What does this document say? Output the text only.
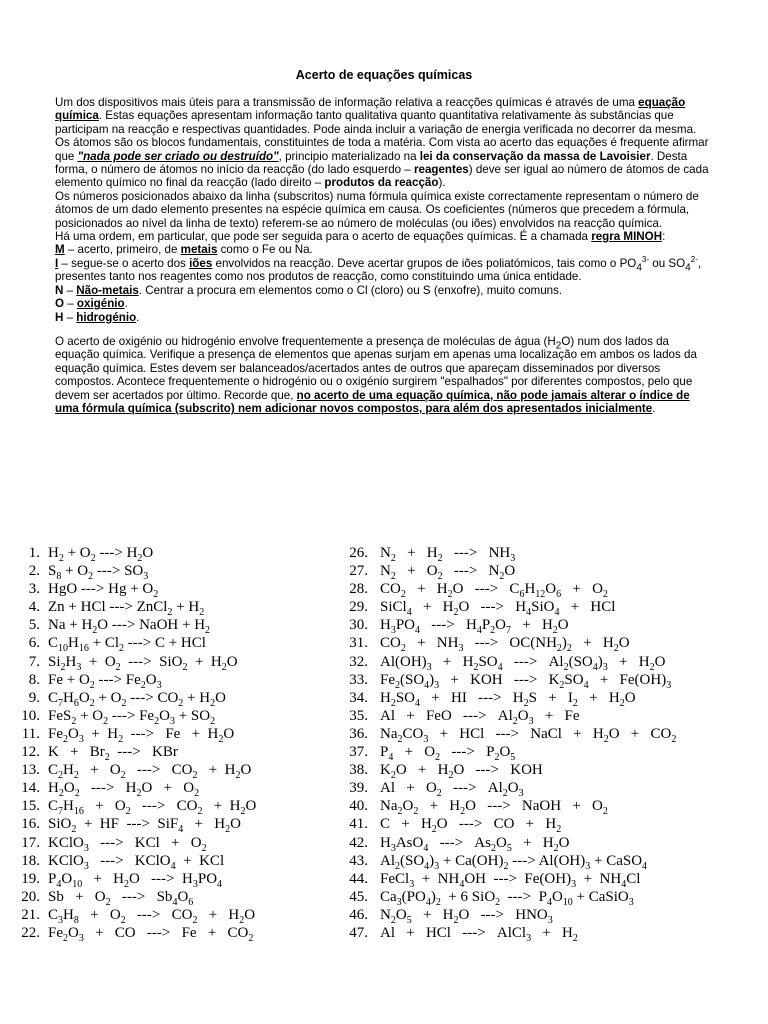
Acerto de equações químicas

Um dos dispositivos mais úteis para a transmissão de informação relativa a reacções químicas é através de uma equação química. Estas equações apresentam informação tanto qualitativa quanto quantitativa relativamente às substâncias que participam na reacção e respectivas quantidades. Pode ainda incluir a variação de energia verificada no decorrer da mesma.

Os átomos são os blocos fundamentais, constituintes de toda a matéria. Com vista ao acerto das equações é frequente afirmar que "nada pode ser criado ou destruído", principio materializado na lei da conservação da massa de Lavoisier. Desta forma, o número de átomos no início da reacção (do lado esquerdo – reagentes) deve ser igual ao número de átomos de cada elemento químico no final da reacção (lado direito – produtos da reacção).

Os números posicionados abaixo da linha (subscritos) numa fórmula química existe correctamente representam o número de átomos de um dado elemento presentes na espécie química em causa. Os coeficientes (números que precedem a fórmula, posicionados ao nível da linha de texto) referem-se ao número de moléculas (ou iões) envolvidos na reacção química.

Há uma ordem, em particular, que pode ser seguida para o acerto de equações químicas. É a chamada regra MINOH:

M – acerto, primeiro, de metais como o Fe ou Na.

I – segue-se o acerto dos iões envolvidos na reacção. Deve acertar grupos de iões poliatómicos, tais como o $PO_4^{3-}$ ou $SO_4^{2-}$, presentes tanto nos reagentes como nos produtos de reacção, como constituindo uma única entidade.

N – Não-metais. Centrar a procura em elementos como o Cl (cloro) ou S (enxofre), muito comuns.

O – oxigénio.

H – hidrogénio.

O acerto de oxigénio ou hidrogénio envolve frequentemente a presença de moléculas de água $(H_2O)$ num dos lados da equação química. Verifique a presença de elementos que apenas surjam em apenas uma localização em ambos os lados da equação química. Estes devem ser balanceados/acertados antes de outros que apareçam disseminados por diversos compostos. Acontece frequentemente o hidrogénio ou o oxigénio surgirem "espalhados" por diferentes compostos, pelo que devem ser acertados por último. Recorde que, no acerto de uma equação química, não pode jamais alterar o índice de uma fórmula química (subscrito) nem adicionar novos compostos, para além dos apresentados inicialmente.

1. $H_2 + O_2$ ---> $H_2O$
2. $S_8 + O_2$ ---> $SO_3$
3. HgO ---> $Hg + O_2$
4. Zn + HCl ---> ZnCl$_2$ + $H_2$
5. $Na + H_2O$ ---> NaOH + $H_2$
6. $C_{10}H_{16} + Cl_2$ ---> C + HCl
7. $Si_2H_3 + O_2$  --->  $SiO_2 + H_2O$
8. $Fe + O_2$ ---> $Fe_2O_3$
9. $C_7H_6O_2 + O_2$ ---> $CO_2 + H_2O$
10. $FeS_2 + O_2$ ---> $Fe_2O_3 + SO_2$
11. $Fe_2O_3 + H_2$  --->   $Fe + H_2O$
12. $K + Br_2$  --->   KBr
13. $C_2H_2 + O_2$   --->   $CO_2 + H_2O$
14. $H_2O_2$   --->   $H_2O + O_2$
15. $C_7H_{16} + O_2$   --->   $CO_2 + H_2O$
16. SiO$_2$  +  HF  --->  $SiF_4 + H_2O$
17. KClO$_3$   --->   KCl   +   $O_2$
18. KClO$_3$   --->   KClO$_4$  +  KCl
19. $P_4O_{10} + H_2O$   --->  $H_3PO_4$
20. $Sb + O_2$   --->   $Sb_4O_6$
21. $C_3H_8 + O_2$   --->   $CO_2 + H_2O$
22. $Fe_2O_3$   +   CO   --->   $Fe + CO_2$
26. $N_2 + H_2$   --->   $NH_3$
27. $N_2 + O_2$   --->   $N_2O$
28. $CO_2 + H_2O$   --->   $C_6H_{12}O_6 + O_2$
29. SiCl$_4$   +   $H_2O$   --->   $H_4SiO_4$   +   HCl
30. $H_3PO_4$   --->   $H_4P_2O_7 + H_2O$
31. $CO_2 + NH_3$   --->   $OC(NH_2)_2 + H_2O$
32. $Al(OH)_3 + H_2SO_4$   --->   $Al_2(SO_4)_3 + H_2O$
33. $Fe_2(SO_4)_3$   +   KOH   --->   $K_2SO_4 + Fe(OH)_3$
34. $H_2SO_4$   +   HI   --->   $H_2S + I_2 + H_2O$
35. Al   +   FeO   --->   $Al_2O_3 + Fe$
36. $Na_2CO_3$   +   HCl   --->   NaCl   +   $H_2O + CO_2$
37. $P_4 + O_2$   --->   $P_2O_5$
38. $K_2O + H_2O$   --->   KOH
39. $Al + O_2$   --->   $Al_2O_3$
40. $Na_2O_2 + H_2O$   --->   NaOH   +   $O_2$
41. $C + H_2O$   --->   CO   +   $H_2$
42. $H_3AsO_4$   --->   $As_2O_5 + H_2O$
43. $Al_2(SO_4)_3 + Ca(OH)_2$ ---> $Al(OH)_3$ + CaSO$_4$
44. FeCl$_3$  +  $NH_4OH$  --->  $Fe(OH)_3 + NH_4Cl$
45. $Ca_3(PO_4)_2 + 6$ SiO$_2$  --->  $P_4O_{10}$ + CaSiO$_3$
46. $N_2O_5 + H_2O$   --->   $HNO_3$
47. Al   +   HCl   --->   AlCl$_3$   +   $H_2$
